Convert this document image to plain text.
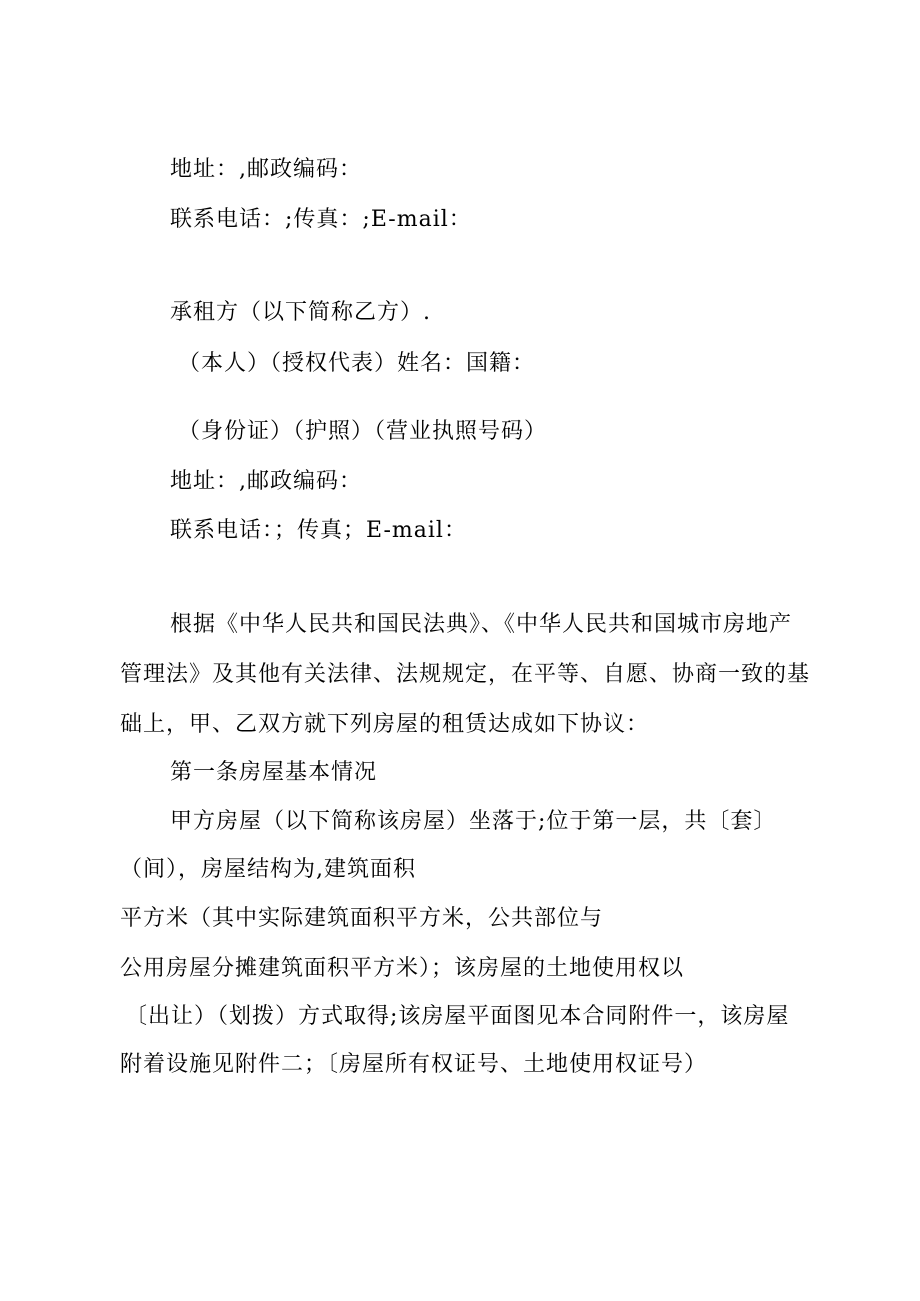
地址：,邮政编码：
联系电话：;传真：;E-mail：
承租方（以下简称乙方）.
（本人）（授权代表）姓名：国籍：
（身份证）（护照）（营业执照号码）
地址：,邮政编码：
联系电话：；传真；E-mail：
根据《中华人民共和国民法典》、《中华人民共和国城市房地产
管理法》及其他有关法律、法规规定，在平等、自愿、协商一致的基
础上，甲、乙双方就下列房屋的租赁达成如下协议：
第一条房屋基本情况
甲方房屋（以下简称该房屋）坐落于;位于第一层，共〔套〕
（间），房屋结构为,建筑面积
平方米（其中实际建筑面积平方米，公共部位与
公用房屋分摊建筑面积平方米）；该房屋的土地使用权以
〔出让）（划拨）方式取得;该房屋平面图见本合同附件一，该房屋
附着设施见附件二；〔房屋所有权证号、土地使用权证号）
